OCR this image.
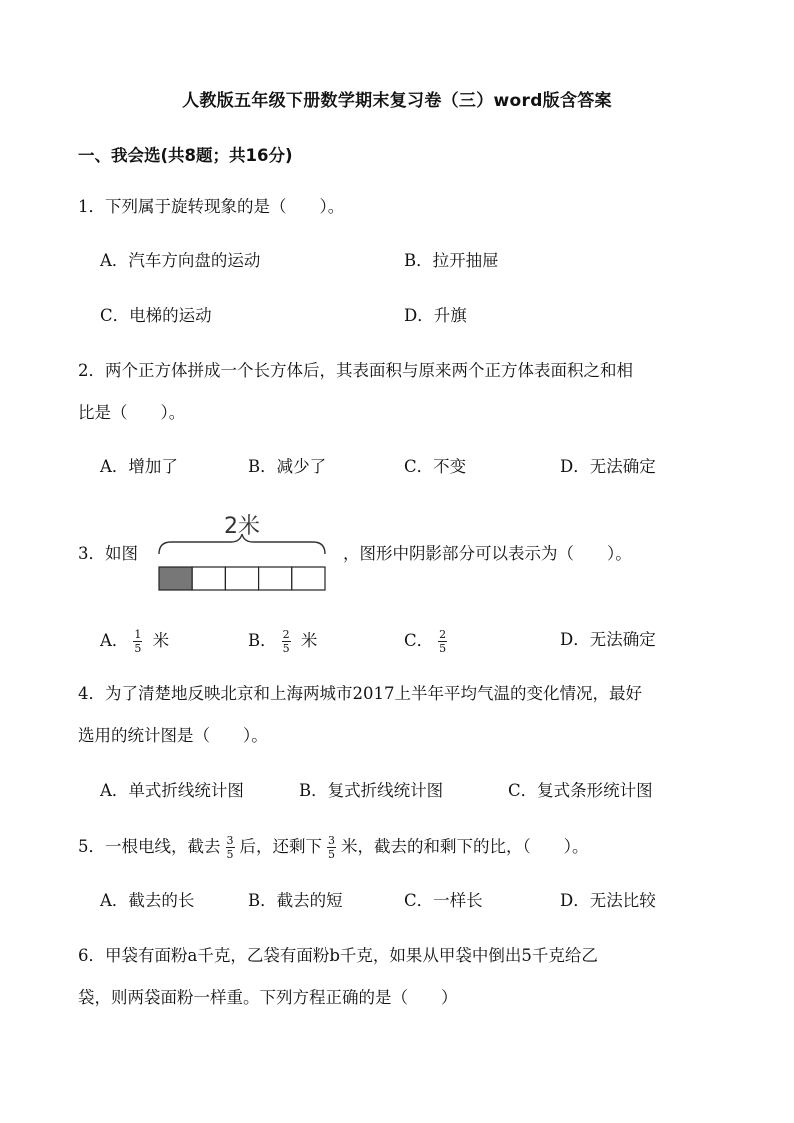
人教版五年级下册数学期末复习卷（三）word版含答案
一、我会选(共8题；共16分)
1．下列属于旋转现象的是（　　）。
A．汽车方向盘的运动	B．拉开抽屉
C．电梯的运动	D．升旗
2．两个正方体拼成一个长方体后，其表面积与原来两个正方体表面积之和相
比是（　　）。
A．增加了	B．减少了	C．不变	D．无法确定
3．如图
2米
，图形中阴影部分可以表示为（　　）。
A． $\frac{1}{5}$ 米	B． $\frac{2}{5}$ 米	C． $\frac{2}{5}$	D．无法确定
4．为了清楚地反映北京和上海两城市2017上半年平均气温的变化情况，最好
选用的统计图是（　　）。
A．单式折线统计图	B．复式折线统计图	C．复式条形统计图
5．一根电线，截去 $\frac{3}{5}$ 后，还剩下 $\frac{3}{5}$ 米，截去的和剩下的比，（　　）。
A．截去的长	B．截去的短	C．一样长	D．无法比较
6．甲袋有面粉a千克，乙袋有面粉b千克，如果从甲袋中倒出5千克给乙
袋，则两袋面粉一样重。下列方程正确的是（　　）
